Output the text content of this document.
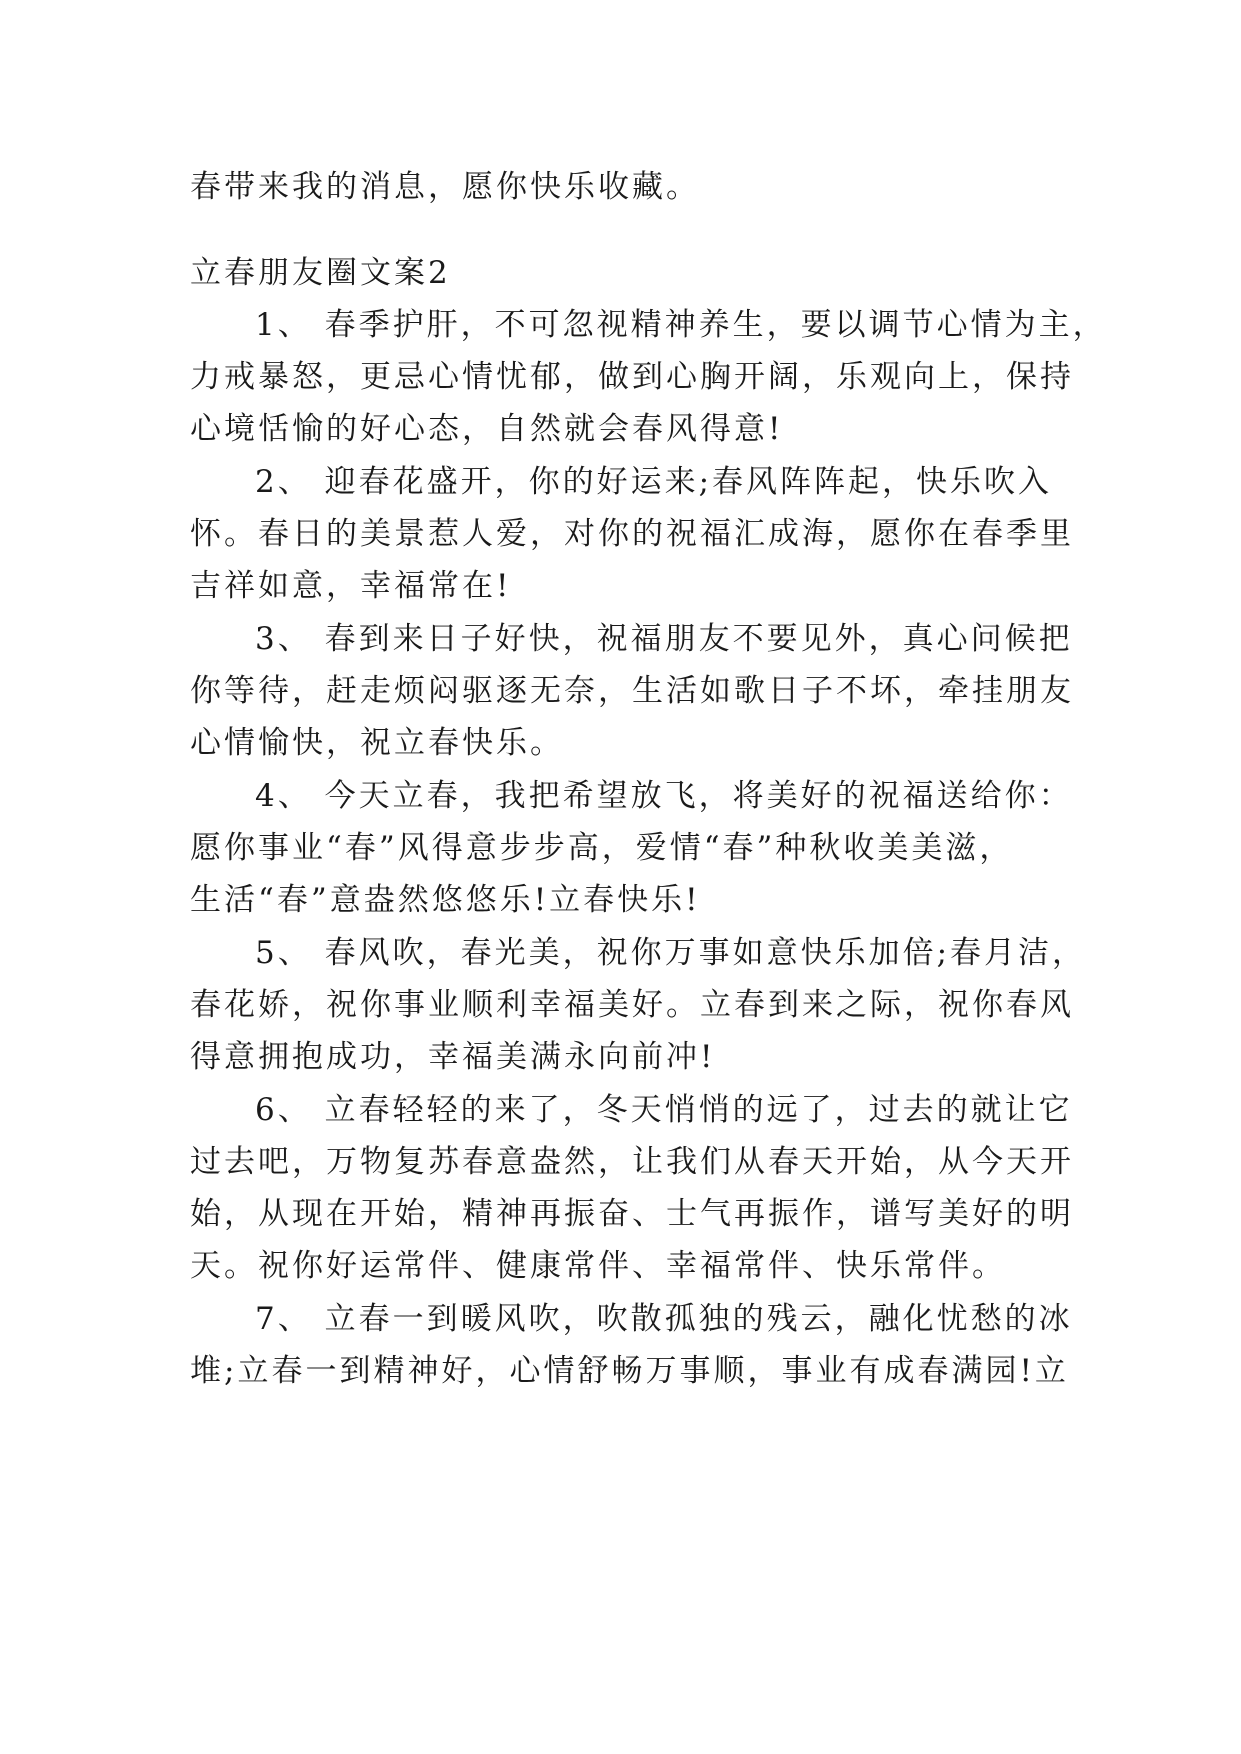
春带来我的消息，愿你快乐收藏。
立春朋友圈文案2
1、 春季护肝，不可忽视精神养生，要以调节心情为主，
力戒暴怒，更忌心情忧郁，做到心胸开阔，乐观向上，保持
心境恬愉的好心态，自然就会春风得意!
2、 迎春花盛开，你的好运来;春风阵阵起，快乐吹入
怀。春日的美景惹人爱，对你的祝福汇成海，愿你在春季里
吉祥如意，幸福常在!
3、 春到来日子好快，祝福朋友不要见外，真心问候把
你等待，赶走烦闷驱逐无奈，生活如歌日子不坏，牵挂朋友
心情愉快，祝立春快乐。
4、 今天立春，我把希望放飞，将美好的祝福送给你：
愿你事业“春”风得意步步高，爱情“春”种秋收美美滋，
生活“春”意盎然悠悠乐!立春快乐!
5、 春风吹，春光美，祝你万事如意快乐加倍;春月洁，
春花娇，祝你事业顺利幸福美好。立春到来之际，祝你春风
得意拥抱成功，幸福美满永向前冲!
6、 立春轻轻的来了，冬天悄悄的远了，过去的就让它
过去吧，万物复苏春意盎然，让我们从春天开始，从今天开
始，从现在开始，精神再振奋、士气再振作，谱写美好的明
天。祝你好运常伴、健康常伴、幸福常伴、快乐常伴。
7、 立春一到暖风吹，吹散孤独的残云，融化忧愁的冰
堆;立春一到精神好，心情舒畅万事顺，事业有成春满园!立
